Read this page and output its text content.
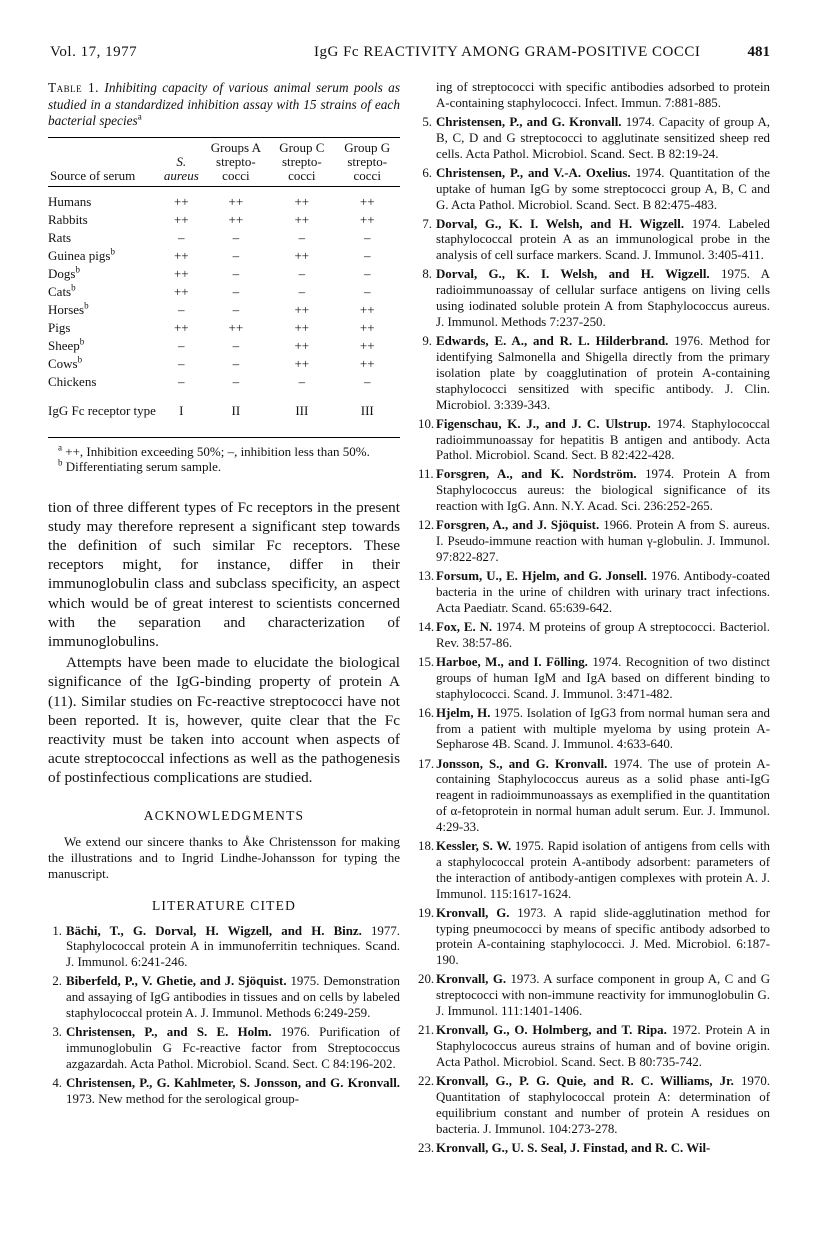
Vol. 17, 1977	IgG Fc REACTIVITY AMONG GRAM-POSITIVE COCCI	481
Table 1. Inhibiting capacity of various animal serum pools as studied in a standardized inhibition assay with 15 strains of each bacterial species$^a$
Source of serum	S. aureus	Groups A strepto-cocci	Group C strepto-cocci	Group G strepto-cocci
Humans	++	++	++	++
Rabbits	++	++	++	++
Rats	–	–	–	–
Guinea pigs$^b$	++	–	++	–
Dogs$^b$	++	–	–	–
Cats$^b$	++	–	–	–
Horses$^b$	–	–	++	++
Pigs	++	++	++	++
Sheep$^b$	–	–	++	++
Cows$^b$	–	–	++	++
Chickens	–	–	–	–
IgG Fc receptor type	I	II	III	III

$^a$ ++, Inhibition exceeding 50%; –, inhibition less than 50%.

$^b$ Differentiating serum sample.

tion of three different types of Fc receptors in the present study may therefore represent a significant step towards the definition of such similar Fc receptors. These receptors might, for instance, differ in their immunoglobulin class and subclass specificity, an aspect which would be of great interest to scientists concerned with the separation and characterization of immunoglobulins.

Attempts have been made to elucidate the biological significance of the IgG-binding property of protein A (11). Similar studies on Fc-reactive streptococci have not been reported. It is, however, quite clear that the Fc reactivity must be taken into account when aspects of acute streptococcal infections as well as the pathogenesis of postinfectious complications are studied.

ACKNOWLEDGMENTS

We extend our sincere thanks to Åke Christensson for making the illustrations and to Ingrid Lindhe-Johansson for typing the manuscript.

LITERATURE CITED
1. Bächi, T., G. Dorval, H. Wigzell, and H. Binz. 1977. Staphylococcal protein A in immunoferritin techniques. Scand. J. Immunol. 6:241-246.
2. Biberfeld, P., V. Ghetie, and J. Sjöquist. 1975. Demonstration and assaying of IgG antibodies in tissues and on cells by labeled staphylococcal protein A. J. Immunol. Methods 6:249-259.
3. Christensen, P., and S. E. Holm. 1976. Purification of immunoglobulin G Fc-reactive factor from Streptococcus azgazardah. Acta Pathol. Microbiol. Scand. Sect. C 84:196-202.
4. Christensen, P., G. Kahlmeter, S. Jonsson, and G. Kronvall. 1973. New method for the serological group-
ing of streptococci with specific antibodies adsorbed to protein A-containing staphylococci. Infect. Immun. 7:881-885.
5. Christensen, P., and G. Kronvall. 1974. Capacity of group A, B, C, D and G streptococci to agglutinate sensitized sheep red cells. Acta Pathol. Microbiol. Scand. Sect. B 82:19-24.
6. Christensen, P., and V.-A. Oxelius. 1974. Quantitation of the uptake of human IgG by some streptococci group A, B, C and G. Acta Pathol. Microbiol. Scand. Sect. B 82:475-483.
7. Dorval, G., K. I. Welsh, and H. Wigzell. 1974. Labeled staphylococcal protein A as an immunological probe in the analysis of cell surface markers. Scand. J. Immunol. 3:405-411.
8. Dorval, G., K. I. Welsh, and H. Wigzell. 1975. A radioimmunoassay of cellular surface antigens on living cells using iodinated soluble protein A from Staphylococcus aureus. J. Immunol. Methods 7:237-250.
9. Edwards, E. A., and R. L. Hilderbrand. 1976. Method for identifying Salmonella and Shigella directly from the primary isolation plate by coagglutination of protein A-containing staphylococci sensitized with specific antibody. J. Clin. Microbiol. 3:339-343.
10. Figenschau, K. J., and J. C. Ulstrup. 1974. Staphylococcal radioimmunoassay for hepatitis B antigen and antibody. Acta Pathol. Microbiol. Scand. Sect. B 82:422-428.
11. Forsgren, A., and K. Nordström. 1974. Protein A from Staphylococcus aureus: the biological significance of its reaction with IgG. Ann. N.Y. Acad. Sci. 236:252-265.
12. Forsgren, A., and J. Sjöquist. 1966. Protein A from S. aureus. I. Pseudo-immune reaction with human γ-globulin. J. Immunol. 97:822-827.
13. Forsum, U., E. Hjelm, and G. Jonsell. 1976. Antibody-coated bacteria in the urine of children with urinary tract infections. Acta Paediatr. Scand. 65:639-642.
14. Fox, E. N. 1974. M proteins of group A streptococci. Bacteriol. Rev. 38:57-86.
15. Harboe, M., and I. Fölling. 1974. Recognition of two distinct groups of human IgM and IgA based on different binding to staphylococci. Scand. J. Immunol. 3:471-482.
16. Hjelm, H. 1975. Isolation of IgG3 from normal human sera and from a patient with multiple myeloma by using protein A-Sepharose 4B. Scand. J. Immunol. 4:633-640.
17. Jonsson, S., and G. Kronvall. 1974. The use of protein A-containing Staphylococcus aureus as a solid phase anti-IgG reagent in radioimmunoassays as exemplified in the quantitation of α-fetoprotein in normal human adult serum. Eur. J. Immunol. 4:29-33.
18. Kessler, S. W. 1975. Rapid isolation of antigens from cells with a staphylococcal protein A-antibody adsorbent: parameters of the interaction of antibody-antigen complexes with protein A. J. Immunol. 115:1617-1624.
19. Kronvall, G. 1973. A rapid slide-agglutination method for typing pneumococci by means of specific antibody adsorbed to protein A-containing staphylococci. J. Med. Microbiol. 6:187-190.
20. Kronvall, G. 1973. A surface component in group A, C and G streptococci with non-immune reactivity for immunoglobulin G. J. Immunol. 111:1401-1406.
21. Kronvall, G., O. Holmberg, and T. Ripa. 1972. Protein A in Staphylococcus aureus strains of human and of bovine origin. Acta Pathol. Microbiol. Scand. Sect. B 80:735-742.
22. Kronvall, G., P. G. Quie, and R. C. Williams, Jr. 1970. Quantitation of staphylococcal protein A: determination of equilibrium constant and number of protein A residues on bacteria. J. Immunol. 104:273-278.
23. Kronvall, G., U. S. Seal, J. Finstad, and R. C. Wil-
